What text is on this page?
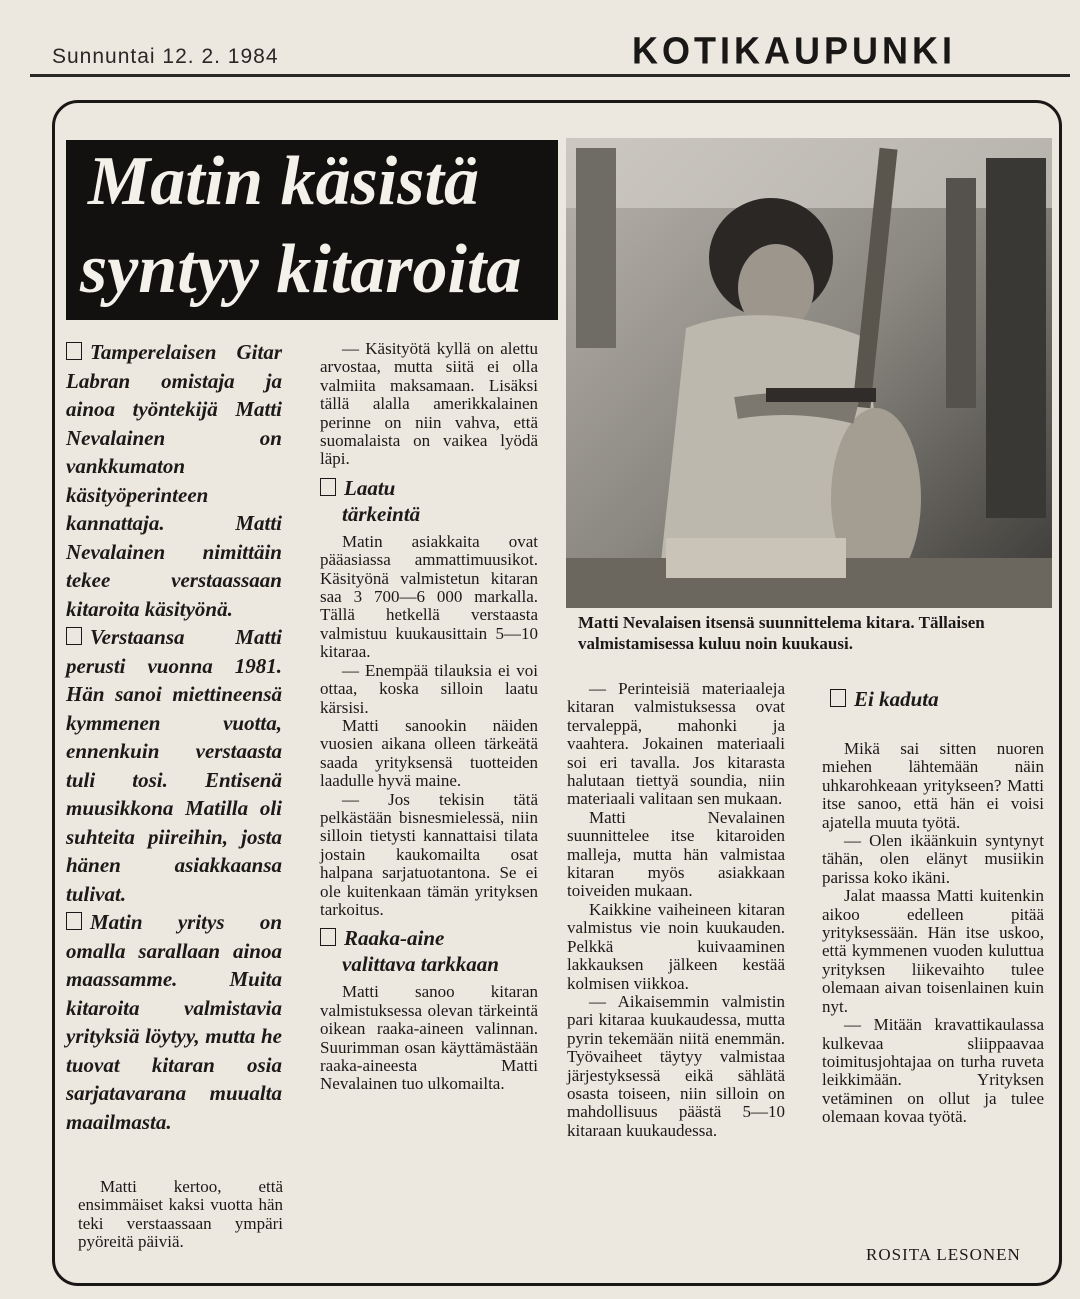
Sunnuntai 12. 2. 1984	KOTIKAUPUNKI
Matin käsistä
syntyy kitaroita

Tamperelaisen Gitar Labran omistaja ja ainoa työntekijä Matti Nevalainen on vankkumaton käsityöperinteen kannattaja. Matti Nevalainen nimittäin tekee verstaassaan kitaroita käsityönä.

Verstaansa Matti perusti vuonna 1981. Hän sanoi miettineensä kymmenen vuotta, ennenkuin verstaasta tuli tosi. Entisenä muusikkona Matilla oli suhteita piireihin, josta hänen asiakkaansa tulivat.

Matin yritys on omalla sarallaan ainoa maassamme. Muita kitaroita valmistavia yrityksiä löytyy, mutta he tuovat kitaran osia sarjatavarana muualta maailmasta.

Matti kertoo, että ensimmäiset kaksi vuotta hän teki verstaassaan ympäri pyöreitä päiviä.

— Käsityötä kyllä on alettu arvostaa, mutta siitä ei olla valmiita maksamaan. Lisäksi tällä alalla amerikkalainen perinne on niin vahva, että suomalaista on vaikea lyödä läpi.

Laatu
tärkeintä

Matin asiakkaita ovat pääasiassa ammattimuusikot. Käsityönä valmistetun kitaran saa 3 700—6 000 markalla. Tällä hetkellä verstaasta valmistuu kuukausittain 5—10 kitaraa.

— Enempää tilauksia ei voi ottaa, koska silloin laatu kärsisi.

Matti sanookin näiden vuosien aikana olleen tärkeätä saada yrityksensä tuotteiden laadulle hyvä maine.

— Jos tekisin tätä pelkästään bisnesmielessä, niin silloin tietysti kannattaisi tilata jostain kaukomailta osat halpana sarjatuotantona. Se ei ole kuitenkaan tämän yrityksen tarkoitus.

Raaka-aine
valittava tarkkaan

Matti sanoo kitaran valmistuksessa olevan tärkeintä oikean raaka-aineen valinnan. Suurimman osan käyttämästään raaka-aineesta Matti Nevalainen tuo ulkomailta.

Matti Nevalaisen itsensä suunnittelema kitara. Tällaisen valmistamisessa kuluu noin kuukausi.

— Perinteisiä materiaaleja kitaran valmistuksessa ovat tervaleppä, mahonki ja vaahtera. Jokainen materiaali soi eri tavalla. Jos kitarasta halutaan tiettyä soundia, niin materiaali valitaan sen mukaan.

Matti Nevalainen suunnittelee itse kitaroiden malleja, mutta hän valmistaa kitaran myös asiakkaan toiveiden mukaan.

Kaikkine vaiheineen kitaran valmistus vie noin kuukauden. Pelkkä kuivaaminen lakkauksen jälkeen kestää kolmisen viikkoa.

— Aikaisemmin valmistin pari kitaraa kuukaudessa, mutta pyrin tekemään niitä enemmän. Työvaiheet täytyy valmistaa järjestyksessä eikä sählätä osasta toiseen, niin silloin on mahdollisuus päästä 5—10 kitaraan kuukaudessa.

Ei kaduta

Mikä sai sitten nuoren miehen lähtemään näin uhkarohkeaan yritykseen? Matti itse sanoo, että hän ei voisi ajatella muuta työtä.

— Olen ikäänkuin syntynyt tähän, olen elänyt musiikin parissa koko ikäni.

Jalat maassa Matti kuitenkin aikoo edelleen pitää yrityksessään. Hän itse uskoo, että kymmenen vuoden kuluttua yrityksen liikevaihto tulee olemaan aivan toisenlainen kuin nyt.

— Mitään kravattikaulassa kulkevaa sliippaavaa toimitusjohtajaa on turha ruveta leikkimään. Yrityksen vetäminen on ollut ja tulee olemaan kovaa työtä.

ROSITA LESONEN
